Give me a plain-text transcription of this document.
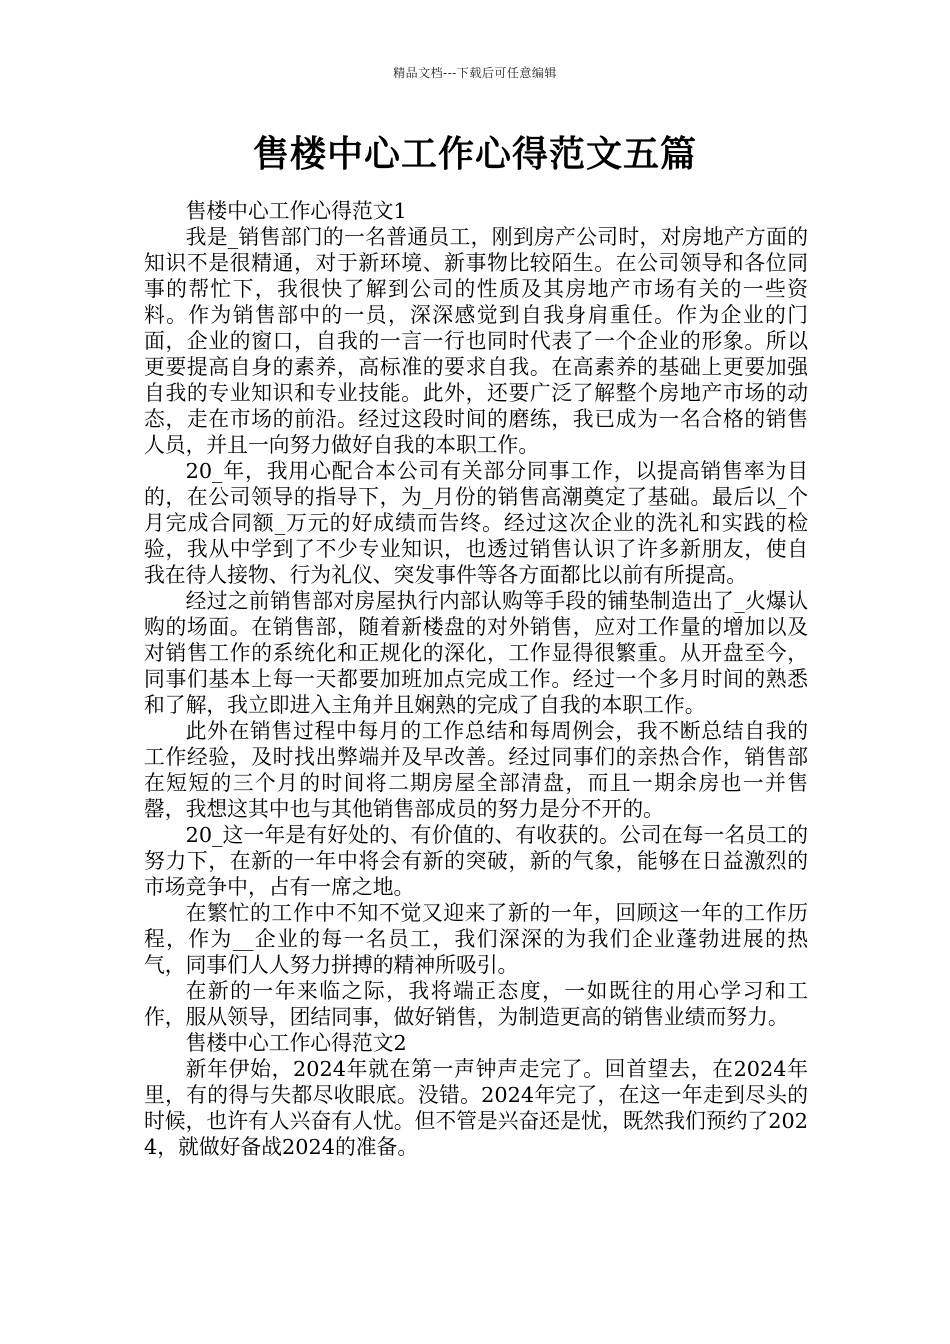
精品文档---下载后可任意编辑
售楼中心工作心得范文五篇

售楼中心工作心得范文1

我是_销售部门的一名普通员工，刚到房产公司时，对房地产方面的知识不是很精通，对于新环境、新事物比较陌生。在公司领导和各位同事的帮忙下，我很快了解到公司的性质及其房地产市场有关的一些资料。作为销售部中的一员，深深感觉到自我身肩重任。作为企业的门面，企业的窗口，自我的一言一行也同时代表了一个企业的形象。所以更要提高自身的素养，高标准的要求自我。在高素养的基础上更要加强自我的专业知识和专业技能。此外，还要广泛了解整个房地产市场的动态，走在市场的前沿。经过这段时间的磨练，我已成为一名合格的销售人员，并且一向努力做好自我的本职工作。

20_年，我用心配合本公司有关部分同事工作，以提高销售率为目的，在公司领导的指导下，为_月份的销售高潮奠定了基础。最后以_个月完成合同额_万元的好成绩而告终。经过这次企业的洗礼和实践的检验，我从中学到了不少专业知识，也透过销售认识了许多新朋友，使自我在待人接物、行为礼仪、突发事件等各方面都比以前有所提高。

经过之前销售部对房屋执行内部认购等手段的铺垫制造出了_火爆认购的场面。在销售部，随着新楼盘的对外销售，应对工作量的增加以及对销售工作的系统化和正规化的深化，工作显得很繁重。从开盘至今，同事们基本上每一天都要加班加点完成工作。经过一个多月时间的熟悉和了解，我立即进入主角并且娴熟的完成了自我的本职工作。

此外在销售过程中每月的工作总结和每周例会，我不断总结自我的工作经验，及时找出弊端并及早改善。经过同事们的亲热合作，销售部在短短的三个月的时间将二期房屋全部清盘，而且一期余房也一并售罄，我想这其中也与其他销售部成员的努力是分不开的。

20_这一年是有好处的、有价值的、有收获的。公司在每一名员工的努力下，在新的一年中将会有新的突破，新的气象，能够在日益激烈的市场竞争中，占有一席之地。

在繁忙的工作中不知不觉又迎来了新的一年，回顾这一年的工作历程，作为__企业的每一名员工，我们深深的为我们企业蓬勃进展的热气，同事们人人努力拼搏的精神所吸引。

在新的一年来临之际，我将端正态度，一如既往的用心学习和工作，服从领导，团结同事，做好销售，为制造更高的销售业绩而努力。

售楼中心工作心得范文2

新年伊始，2024年就在第一声钟声走完了。回首望去，在2024年里，有的得与失都尽收眼底。没错。2024年完了，在这一年走到尽头的时候，也许有人兴奋有人忧。但不管是兴奋还是忧，既然我们预约了2024，就做好备战2024的准备。
